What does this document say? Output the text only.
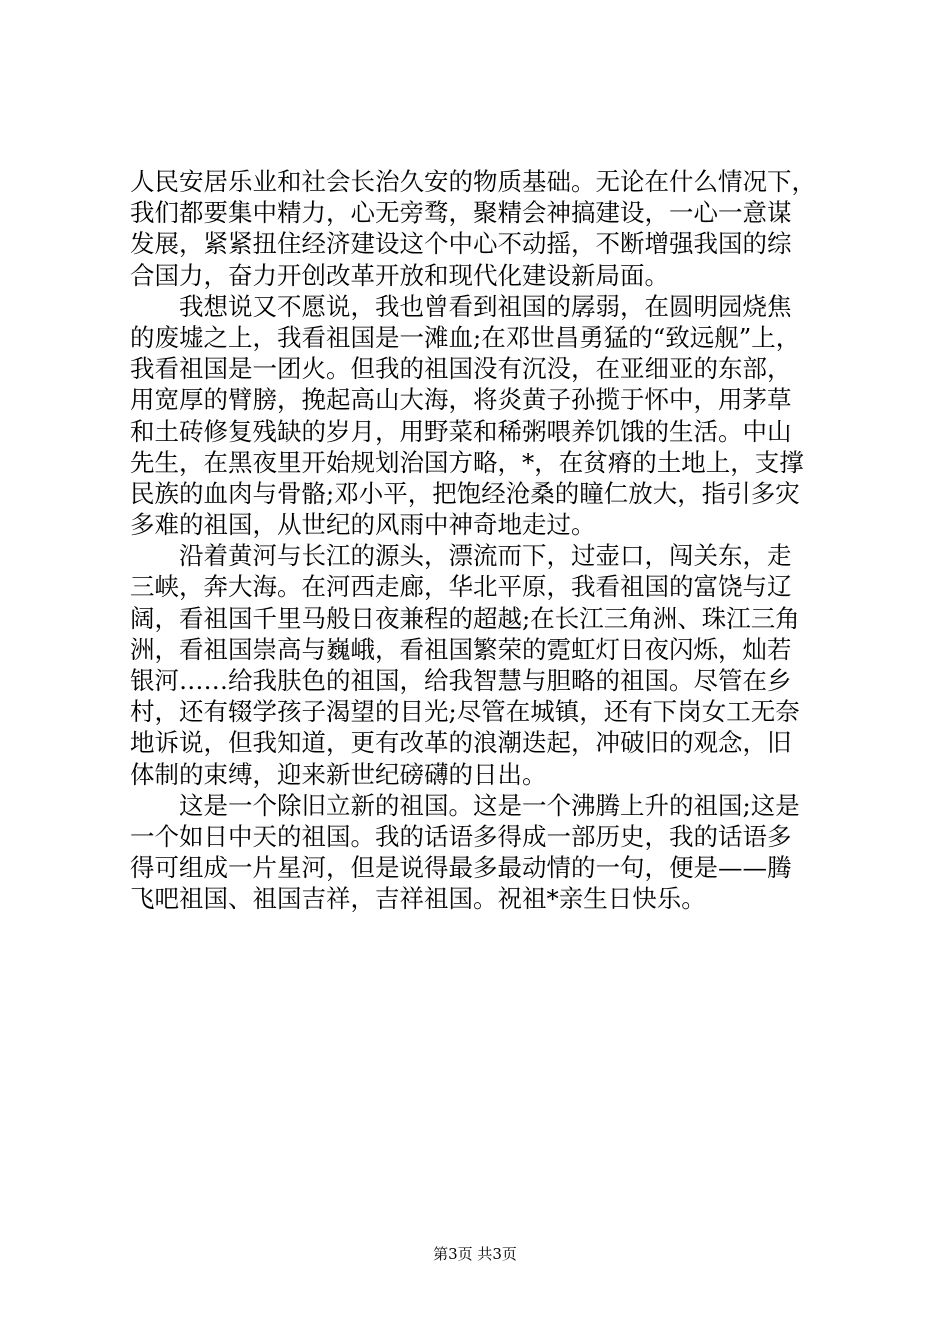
人民安居乐业和社会长治久安的物质基础。无论在什么情况下，
我们都要集中精力，心无旁骛，聚精会神搞建设，一心一意谋
发展，紧紧扭住经济建设这个中心不动摇，不断增强我国的综
合国力，奋力开创改革开放和现代化建设新局面。
　　我想说又不愿说，我也曾看到祖国的孱弱，在圆明园烧焦
的废墟之上，我看祖国是一滩血;在邓世昌勇猛的“致远舰”上，
我看祖国是一团火。但我的祖国没有沉没，在亚细亚的东部，
用宽厚的臂膀，挽起高山大海，将炎黄子孙揽于怀中，用茅草
和土砖修复残缺的岁月，用野菜和稀粥喂养饥饿的生活。中山
先生，在黑夜里开始规划治国方略，*，在贫瘠的土地上，支撑
民族的血肉与骨骼;邓小平，把饱经沧桑的瞳仁放大，指引多灾
多难的祖国，从世纪的风雨中神奇地走过。
　　沿着黄河与长江的源头，漂流而下，过壶口，闯关东，走
三峡，奔大海。在河西走廊，华北平原，我看祖国的富饶与辽
阔，看祖国千里马般日夜兼程的超越;在长江三角洲、珠江三角
洲，看祖国崇高与巍峨，看祖国繁荣的霓虹灯日夜闪烁，灿若
银河……给我肤色的祖国，给我智慧与胆略的祖国。尽管在乡
村，还有辍学孩子渴望的目光;尽管在城镇，还有下岗女工无奈
地诉说，但我知道，更有改革的浪潮迭起，冲破旧的观念，旧
体制的束缚，迎来新世纪磅礴的日出。
　　这是一个除旧立新的祖国。这是一个沸腾上升的祖国;这是
一个如日中天的祖国。我的话语多得成一部历史，我的话语多
得可组成一片星河，但是说得最多最动情的一句，便是——腾
飞吧祖国、祖国吉祥，吉祥祖国。祝祖*亲生日快乐。
第3页 共3页
